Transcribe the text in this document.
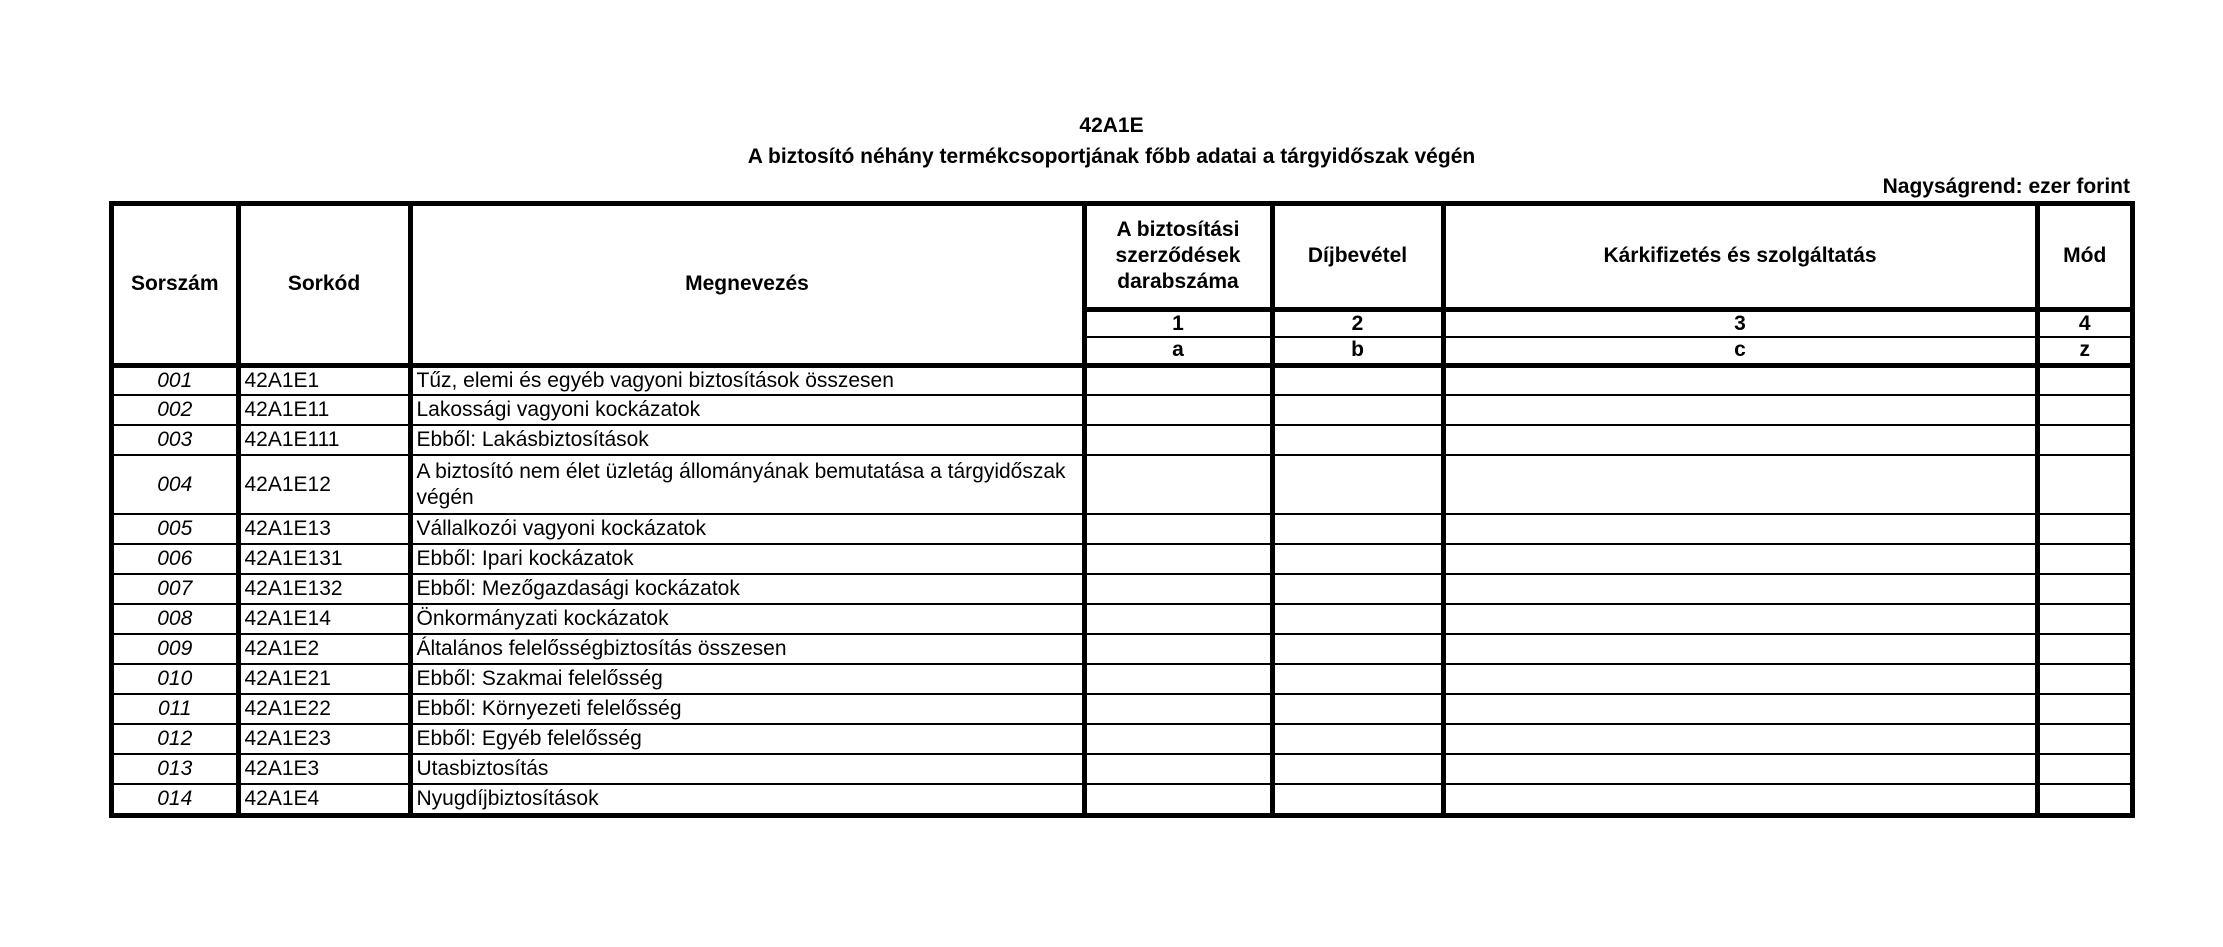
42A1E
A biztosító néhány termékcsoportjának főbb adatai a tárgyidőszak végén
Nagyságrend: ezer forint
Sorszám	Sorkód	Megnevezés	A biztosítási szerződések darabszáma	Díjbevétel	Kárkifizetés és szolgáltatás	Mód
			1	2	3	4
			a	b	c	z
001	42A1E1	Tűz, elemi és egyéb vagyoni biztosítások összesen				
002	42A1E11	Lakossági vagyoni kockázatok				
003	42A1E111	Ebből: Lakásbiztosítások				
004	42A1E12	A biztosító nem élet üzletág állományának bemutatása a tárgyidőszak végén				
005	42A1E13	Vállalkozói vagyoni kockázatok				
006	42A1E131	Ebből: Ipari kockázatok				
007	42A1E132	Ebből: Mezőgazdasági kockázatok				
008	42A1E14	Önkormányzati kockázatok				
009	42A1E2	Általános felelősségbiztosítás összesen				
010	42A1E21	Ebből: Szakmai felelősség				
011	42A1E22	Ebből: Környezeti felelősség				
012	42A1E23	Ebből: Egyéb felelősség				
013	42A1E3	Utasbiztosítás				
014	42A1E4	Nyugdíjbiztosítások				
